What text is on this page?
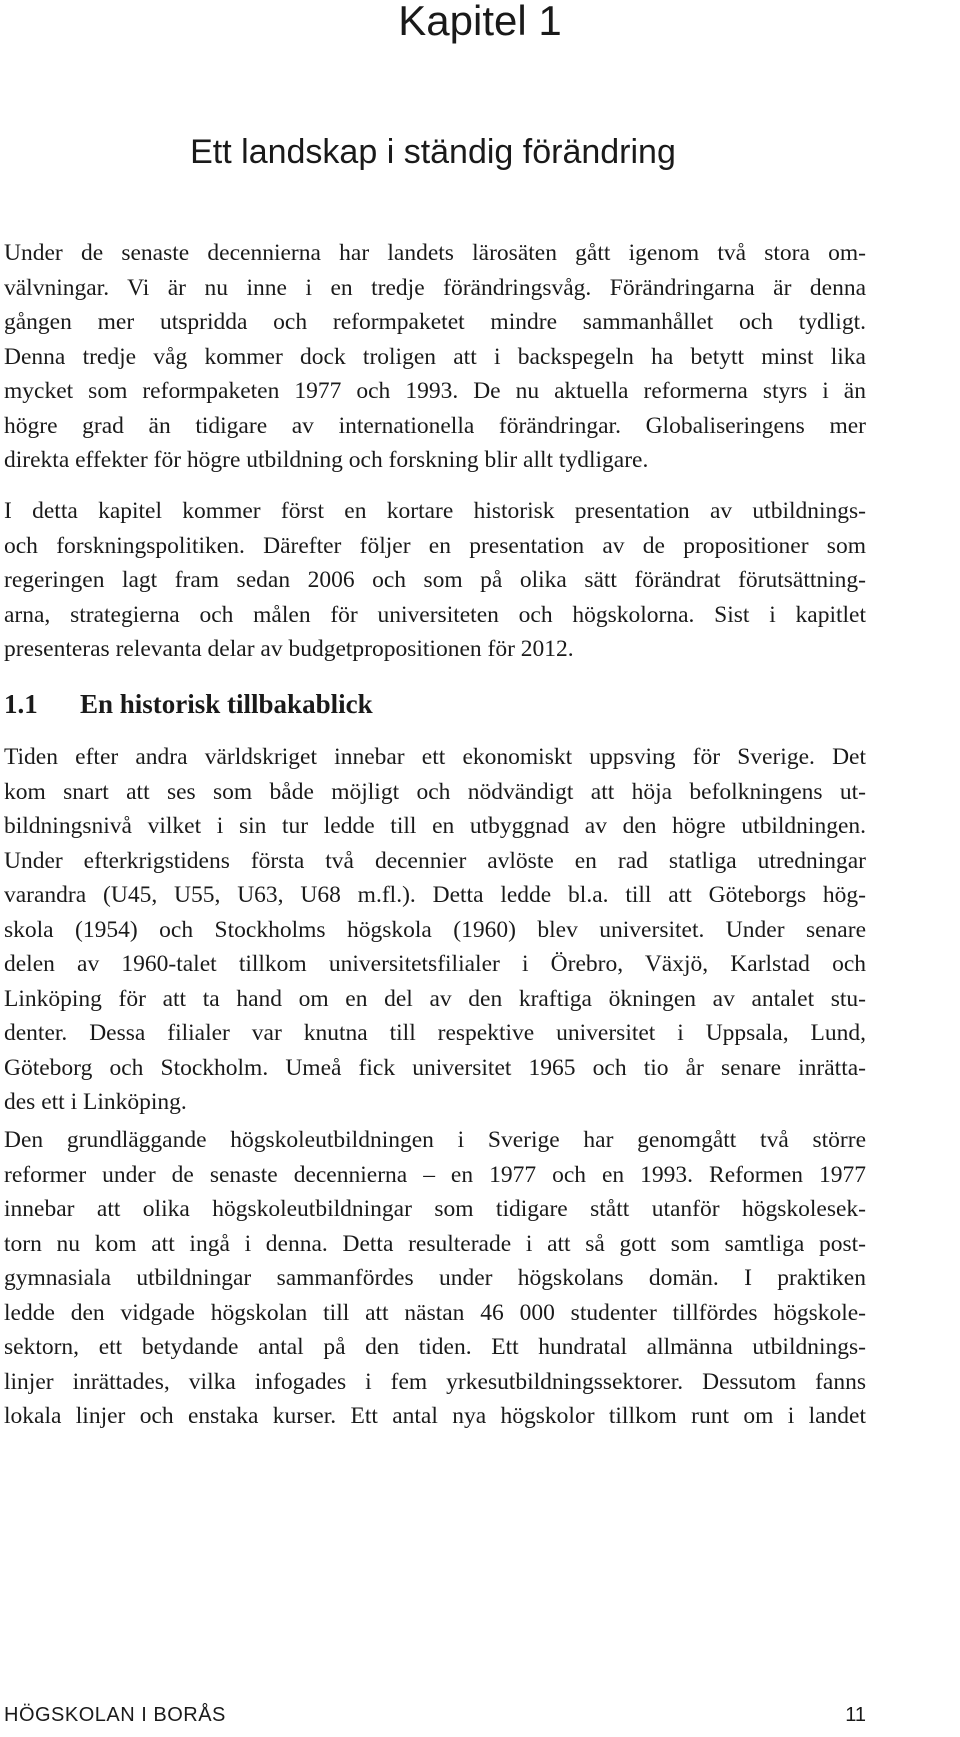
Kapitel 1
Ett landskap i ständig förändring
Under de senaste decennierna har landets lärosäten gått igenom två stora om-
välvningar. Vi är nu inne i en tredje förändringsvåg. Förändringarna är denna
gången mer utspridda och reformpaketet mindre sammanhållet och tydligt.
Denna tredje våg kommer dock troligen att i backspegeln ha betytt minst lika
mycket som reformpaketen 1977 och 1993. De nu aktuella reformerna styrs i än
högre grad än tidigare av internationella förändringar. Globaliseringens mer
direkta effekter för högre utbildning och forskning blir allt tydligare.
I detta kapitel kommer först en kortare historisk presentation av utbildnings-
och forskningspolitiken. Därefter följer en presentation av de propositioner som
regeringen lagt fram sedan 2006 och som på olika sätt förändrat förutsättning-
arna, strategierna och målen för universiteten och högskolorna. Sist i kapitlet
presenteras relevanta delar av budgetpropositionen för 2012.
1.1 En historisk tillbakablick
Tiden efter andra världskriget innebar ett ekonomiskt uppsving för Sverige. Det
kom snart att ses som både möjligt och nödvändigt att höja befolkningens ut-
bildningsnivå vilket i sin tur ledde till en utbyggnad av den högre utbildningen.
Under efterkrigstidens första två decennier avlöste en rad statliga utredningar
varandra (U45, U55, U63, U68 m.fl.). Detta ledde bl.a. till att Göteborgs hög-
skola (1954) och Stockholms högskola (1960) blev universitet. Under senare
delen av 1960-talet tillkom universitetsfilialer i Örebro, Växjö, Karlstad och
Linköping för att ta hand om en del av den kraftiga ökningen av antalet stu-
denter. Dessa filialer var knutna till respektive universitet i Uppsala, Lund,
Göteborg och Stockholm. Umeå fick universitet 1965 och tio år senare inrätta-
des ett i Linköping.
Den grundläggande högskoleutbildningen i Sverige har genomgått två större
reformer under de senaste decennierna – en 1977 och en 1993. Reformen 1977
innebar att olika högskoleutbildningar som tidigare stått utanför högskolesek-
torn nu kom att ingå i denna. Detta resulterade i att så gott som samtliga post-
gymnasiala utbildningar sammanfördes under högskolans domän. I praktiken
ledde den vidgade högskolan till att nästan 46 000 studenter tillfördes högskole-
sektorn, ett betydande antal på den tiden. Ett hundratal allmänna utbildnings-
linjer inrättades, vilka infogades i fem yrkesutbildningssektorer. Dessutom fanns
lokala linjer och enstaka kurser. Ett antal nya högskolor tillkom runt om i landet
HÖGSKOLAN I BORÅS	11
